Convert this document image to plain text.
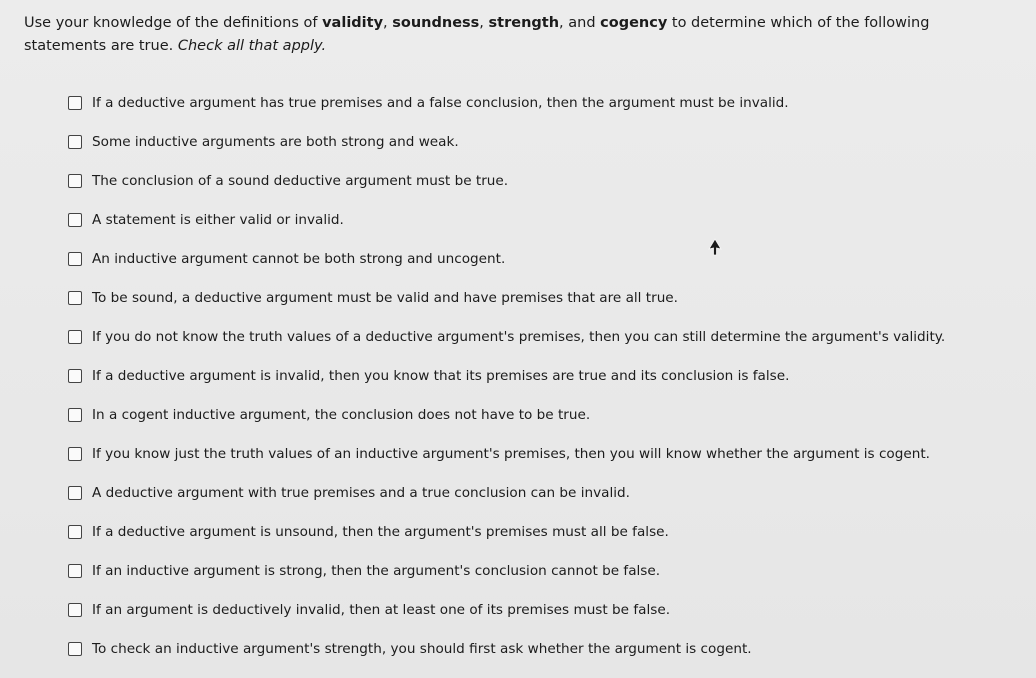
Use your knowledge of the definitions of validity, soundness, strength, and cogency to determine which of the following statements are true. Check all that apply.
If a deductive argument has true premises and a false conclusion, then the argument must be invalid.
Some inductive arguments are both strong and weak.
The conclusion of a sound deductive argument must be true.
A statement is either valid or invalid.
An inductive argument cannot be both strong and uncogent.
To be sound, a deductive argument must be valid and have premises that are all true.
If you do not know the truth values of a deductive argument's premises, then you can still determine the argument's validity.
If a deductive argument is invalid, then you know that its premises are true and its conclusion is false.
In a cogent inductive argument, the conclusion does not have to be true.
If you know just the truth values of an inductive argument's premises, then you will know whether the argument is cogent.
A deductive argument with true premises and a true conclusion can be invalid.
If a deductive argument is unsound, then the argument's premises must all be false.
If an inductive argument is strong, then the argument's conclusion cannot be false.
If an argument is deductively invalid, then at least one of its premises must be false.
To check an inductive argument's strength, you should first ask whether the argument is cogent.
